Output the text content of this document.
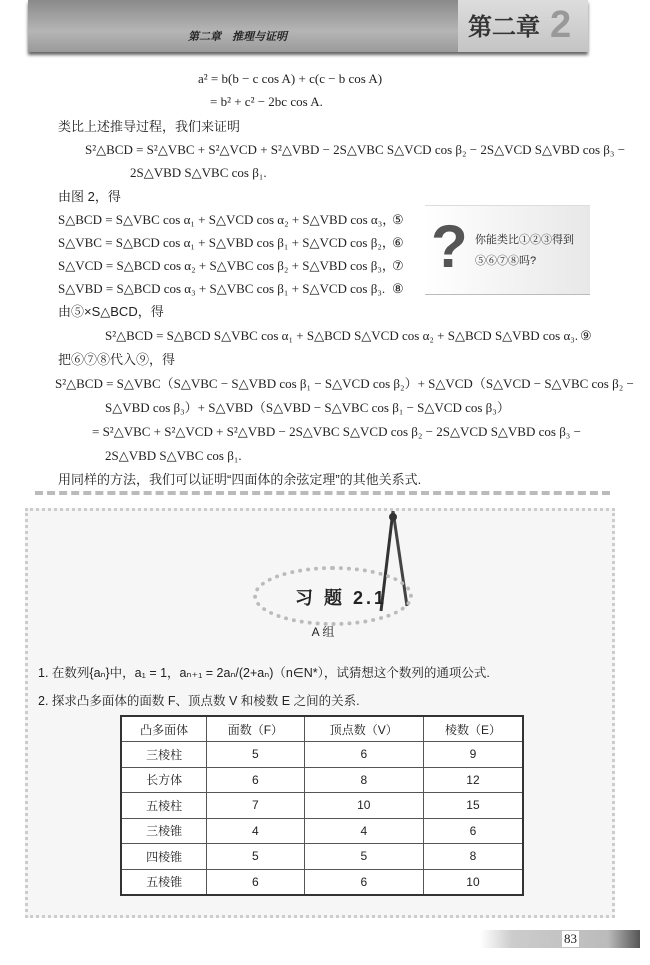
第二章　推理与证明	第二章 2
a² = b(b − c cos A) + c(c − b cos A)
= b² + c² − 2bc cos A.
类比上述推导过程，我们来证明
S²△BCD = S²△VBC + S²△VCD + S²△VBD − 2S△VBC S△VCD cos β₂ − 2S△VCD S△VBD cos β₃ −
2S△VBD S△VBC cos β₁.
由图 2，得
S△BCD = S△VBC cos α₁ + S△VCD cos α₂ + S△VBD cos α₃，
⑤
S△VBC = S△BCD cos α₁ + S△VBD cos β₁ + S△VCD cos β₂，
⑥
S△VCD = S△BCD cos α₂ + S△VBC cos β₂ + S△VBD cos β₃，
⑦
S△VBD = S△BCD cos α₃ + S△VBC cos β₁ + S△VCD cos β₃. ⑧
? 你能类比①②③得到⑤⑥⑦⑧吗?
由⑤×S△BCD，得
S²△BCD = S△BCD S△VBC cos α₁ + S△BCD S△VCD cos α₂ + S△BCD S△VBD cos α₃. ⑨
把⑥⑦⑧代入⑨，得
S²△BCD = S△VBC（S△VBC − S△VBD cos β₁ − S△VCD cos β₂）+ S△VCD（S△VCD − S△VBC cos β₂ −
S△VBD cos β₃）+ S△VBD（S△VBD − S△VBC cos β₁ − S△VCD cos β₃）
= S²△VBC + S²△VCD + S²△VBD − 2S△VBC S△VCD cos β₂ − 2S△VCD S△VBD cos β₃ −
2S△VBD S△VBC cos β₁.
用同样的方法，我们可以证明“四面体的余弦定理”的其他关系式.
习 题 2.1
A 组
1. 在数列{aₙ}中，a₁ = 1，aₙ₊₁ = 2aₙ/(2+aₙ)（n∈N*），试猜想这个数列的通项公式.
2. 探求凸多面体的面数 F、顶点数 V 和棱数 E 之间的关系.
凸多面体	面数（F）	顶点数（V）	棱数（E）
三棱柱	5	6	9
长方体	6	8	12
五棱柱	7	10	15
三棱锥	4	4	6
四棱锥	5	5	8
五棱锥	6	6	10
83
